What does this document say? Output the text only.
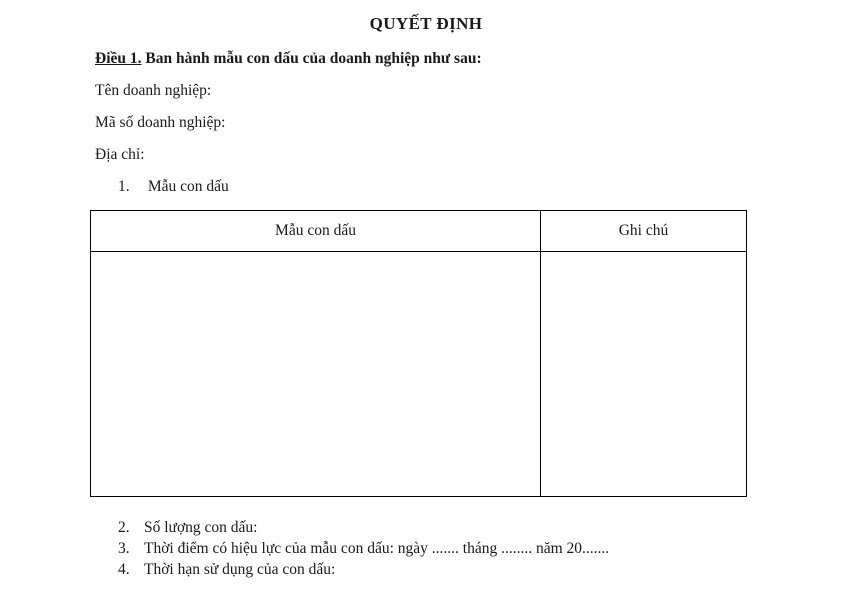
QUYẾT ĐỊNH
Điều 1. Ban hành mẫu con dấu của doanh nghiệp như sau:
Tên doanh nghiệp:
Mã số doanh nghiệp:
Địa chỉ:
1. Mẫu con dấu
Mẫu con dấu	Ghi chú

2. Số lượng con dấu:
3. Thời điểm có hiệu lực của mẫu con dấu: ngày ....... tháng ........ năm 20.......
4. Thời hạn sử dụng của con dấu:
